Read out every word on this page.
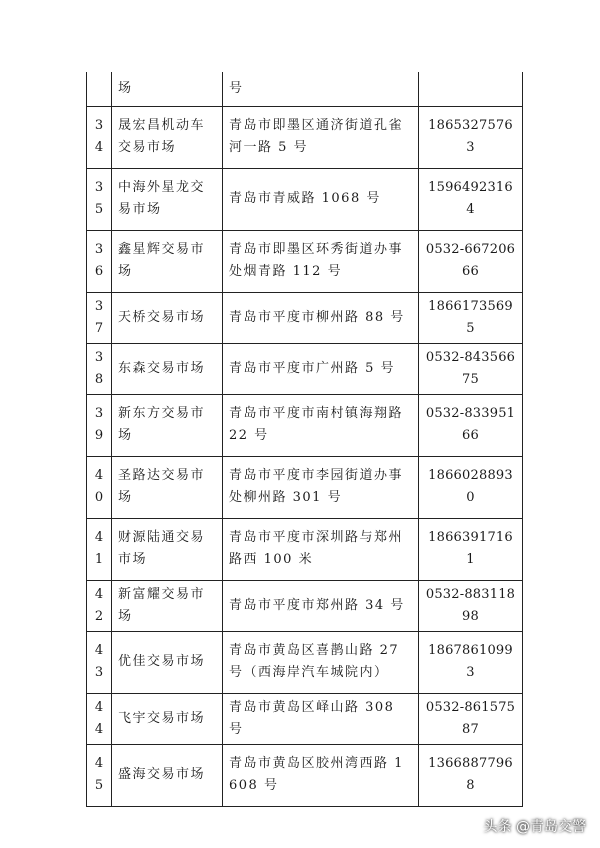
	场	号	
34	晟宏昌机动车交易市场	青岛市即墨区通济街道孔雀河一路 5 号	18653275763
35	中海外星龙交易市场	青岛市青威路 1068 号	15964923164
36	鑫星辉交易市场	青岛市即墨区环秀街道办事处烟青路 112 号	0532-66720666
37	天桥交易市场	青岛市平度市柳州路 88 号	18661735695
38	东森交易市场	青岛市平度市广州路 5 号	0532-84356675
39	新东方交易市场	青岛市平度市南村镇海翔路 22 号	0532-83395166
40	圣路达交易市场	青岛市平度市李园街道办事处柳州路 301 号	18660288930
41	财源陆通交易市场	青岛市平度市深圳路与郑州路西 100 米	18663917161
42	新富耀交易市场	青岛市平度市郑州路 34 号	0532-88311898
43	优佳交易市场	青岛市黄岛区喜鹊山路 27 号（西海岸汽车城院内）	18678610993
44	飞宇交易市场	青岛市黄岛区峄山路 308 号	0532-86157587
45	盛海交易市场	青岛市黄岛区胶州湾西路 1608 号	13668877968
头条 @青岛交警
